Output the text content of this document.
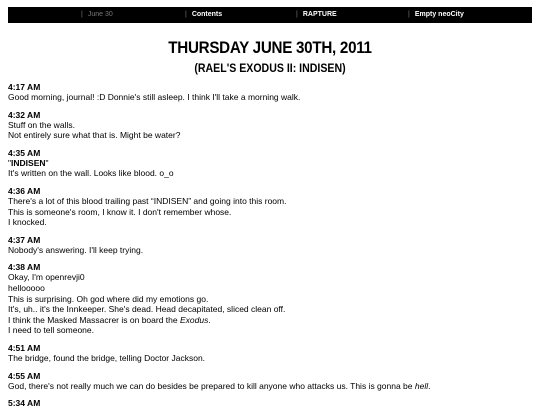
| June 30	| Contents	| RAPTURE	| Empty neoCity
THURSDAY JUNE 30TH, 2011
(RAEL'S EXODUS II: INDISEN)
4:17 AM
Good morning, journal! :D Donnie's still asleep. I think I'll take a morning walk.
4:32 AM
Stuff on the walls.
Not entirely sure what that is. Might be water?
4:35 AM
"INDISEN"
It's written on the wall. Looks like blood. o_o
4:36 AM
There's a lot of this blood trailing past “INDISEN” and going into this room.
This is someone's room, I know it. I don't remember whose.
I knocked.
4:37 AM
Nobody's answering. I'll keep trying.
4:38 AM
Okay, I'm openrevji0
hellooooo
This is surprising. Oh god where did my emotions go.
It's, uh.. it's the Innkeeper. She's dead. Head decapitated, sliced clean off.
I think the Masked Massacrer is on board the Exodus.
I need to tell someone.
4:51 AM
The bridge, found the bridge, telling Doctor Jackson.
4:55 AM
God, there's not really much we can do besides be prepared to kill anyone who attacks us. This is gonna be hell.
5:34 AM
